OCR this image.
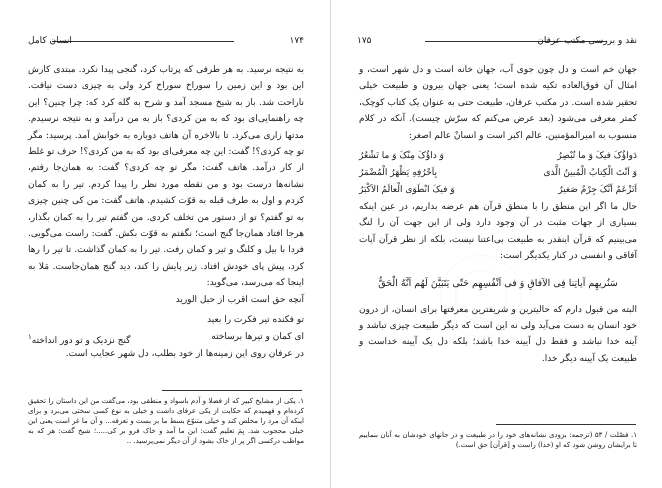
۱۷۴
انسان کامل

به نتیجه نرسید. به هر طرفی که پرتاب کرد، گنجی پیدا نکرد. مبتدی کارش این بود و این زمین را سوراخ سوراخ کرد ولی به چیزی دست نیافت. ناراحت شد. باز به شیخ مسجد آمد و شرح به گله کرد که: چرا چنین؟ این چه راهنمایی‌ای بود که به من کردی؟ باز به من درآمد و به نتیجه نرسیدم. مدتها زاری می‌کرد. تا بالاخره آن هاتف دوباره به خوابش آمد. پرسید: مگر تو چه کردی؟! گفت: این چه معرفی‌ای بود که به من کردی؟! حرف تو غلط از کار درآمد. هاتف گفت: مگر تو چه کردی؟ گفت: به همان‌جا رفتم، نشانه‌ها درست بود و من نقطه مورد نظر را پیدا کردم. تیر را به کمان کردم و اول به طرف قبله به قوّت کشیدم. هاتف گفت: من کی چنین چیزی به تو گفتم؟ تو از دستور من تخلف کردی. من گفتم تیر را به کمان بگذار، هرجا افتاد همان‌جا گنج است؛ نگفتم به قوّت بکش. گفت: راست می‌گویی. فردا با بیل و کلنگ و تیر و کمان رفت. تیر را به کمان گذاشت. تا تیر را رها کرد، پیش پای خودش افتاد. زیر پایش را کند، دید گنج همان‌جاست. مَلا به اینجا که می‌رسد، می‌گوید:

آنچه حق است اقرب از حبل الورید

تو فکنده تیر فکرت را بعید
ای کمان و تیرها برساخته
گنج نزدیک و تو دور انداخته$^۱$

در عرفان روی این زمینه‌ها از خود بطلب، دل شهر عجایب است.

۱. یکی از مشایخ کبیر که از فضلا و آدم باسواد و منطقی بود، می‌گفت من این داستان را تحقیق کرده‌ام و فهمیدم که حکایت از یکی عرفای داشت و خیلی به نوع کسی سختی می‌برد و برای اینکه آن مرد را مخلص کند و خیلی متنوّع بسط ما بر بست و تعرفه... و آن ما غر است یعنی این خیلی محجوب شد. بِمَ تعلیم گفت: این ما آمد و خاک فرو بر کی.....؛ شیخ گفت: هر که به مواظب درکسی اگر پر از خاک بشود از آن دیگر نمی‌پرسید. ..
۱۷۵	نقد و بررسی مکتب عرفان

جهان خم است و دل چون جوی آب، جهان خانه است و دل شهر است، و امثال آن فوق‌العاده تکیه شده است؛ یعنی جهان بیرون و طبیعت خیلی تحقیر شده است. در مکتب عرفان، طبیعت حتی به عنوان یک کتاب کوچک، کمتر معرفی می‌شود (بعد عرض می‌کنم که سرّش چیست). آنکه در کلام منسوب به امیرالمؤمنین، عالم اکبر است و انسانْ عالم اصغر:

دَواؤُکَ فیکَ وَ ما تُبْصِرُ
وَ داؤُکَ مِنْکَ وَ ما تَشْعُرُ
وَ اَنْتَ الْکِتابُ الْمُبینُ الَّذی
بِاَحْرُفِهِ یَظْهَرُ الْمُضْمَرُ
اَتَزْعَمُ اَنَّکَ جِرْمٌ صَغیرٌ
وَ فیکَ انْطَوَی الْعالَمُ الاَکْبَرُ

حال ما اگر این منطق را با منطق قرآن هم عرضه بداریم، در عین اینکه بسیاری از جهات مثبت در آن وجود دارد ولی از این جهت آن را لنگ می‌بینیم که قرآن اینقدر به طبیعت بی‌اعتنا نیست، بلکه از نظر قرآن آیات آفاقی و انفسی در کنار یکدیگر است:

سَنُریهِم آیاتِنا فِی الآفاقِ وَ فی اَنْفُسِهِم حَتّی یَتَبَیَّنَ لَهُم اَنَّهُ الْحَقُّ

البته من قبول دارم که حالیترین و شریفترین معرفتها برای انسان، از درون خود انسان به دست می‌آید ولی نه این است که دیگر طبیعت چیزی تباشد و آینه خدا نباشد و فقط دل آیینه خدا باشد؛ بلکه دل یک آیینه خداست و طبیعت یک آیینه دیگر خدا.

۱. فصّلت / ۵۳ (ترجمه: بزودی نشانه‌های خود را در طبیعت و در جانهای خودشان به آنان بنماییم تا برایشان روشن شود که او (خدا) راست و [قرآن] حق است.)
